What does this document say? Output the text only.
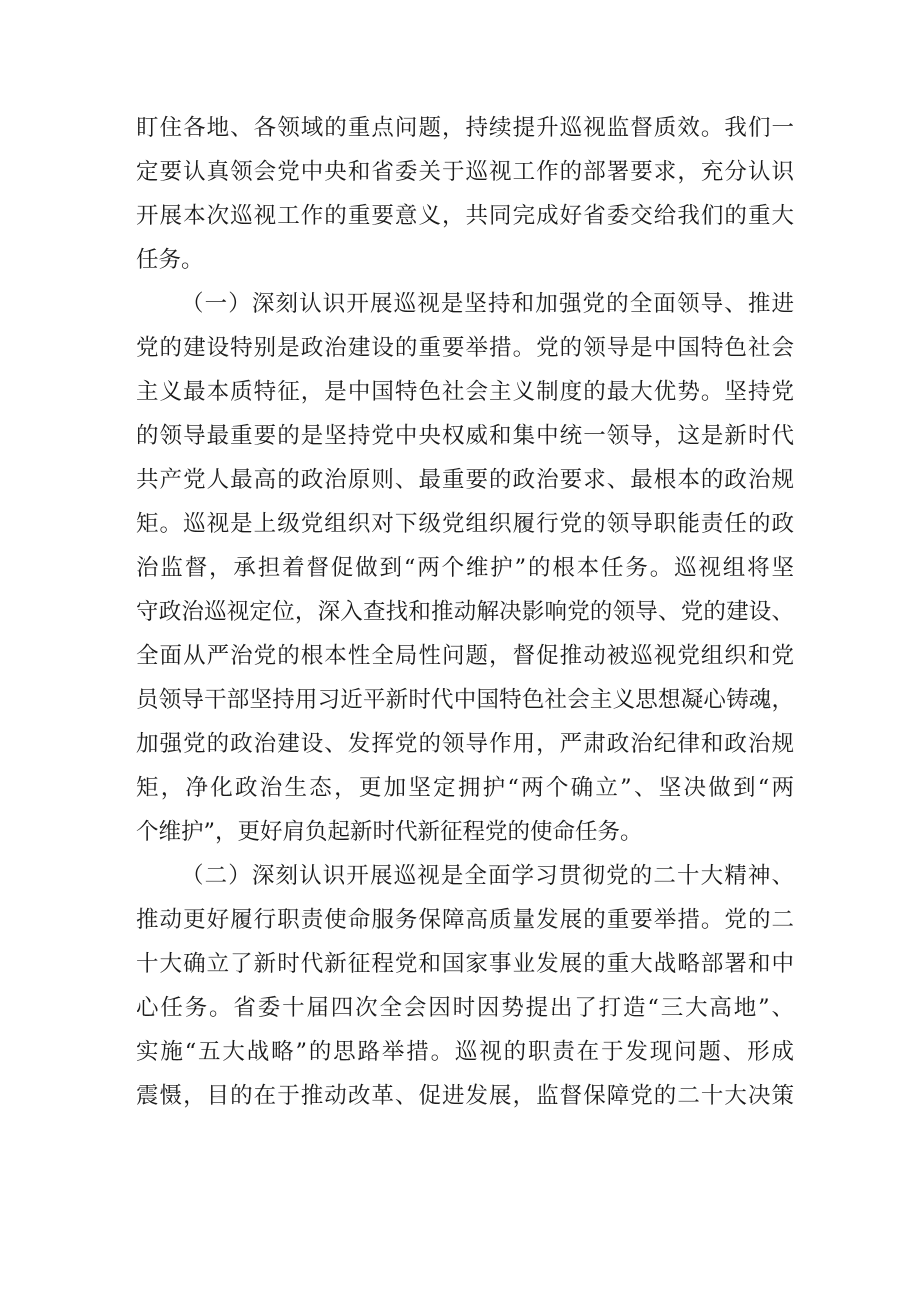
盯住各地、各领域的重点问题，持续提升巡视监督质效。我们一
定要认真领会党中央和省委关于巡视工作的部署要求，充分认识
开展本次巡视工作的重要意义，共同完成好省委交给我们的重大
任务。
（一）深刻认识开展巡视是坚持和加强党的全面领导、推进
党的建设特别是政治建设的重要举措。党的领导是中国特色社会
主义最本质特征，是中国特色社会主义制度的最大优势。坚持党
的领导最重要的是坚持党中央权威和集中统一领导，这是新时代
共产党人最高的政治原则、最重要的政治要求、最根本的政治规
矩。巡视是上级党组织对下级党组织履行党的领导职能责任的政
治监督，承担着督促做到“两个维护”的根本任务。巡视组将坚
守政治巡视定位，深入查找和推动解决影响党的领导、党的建设、
全面从严治党的根本性全局性问题，督促推动被巡视党组织和党
员领导干部坚持用习近平新时代中国特色社会主义思想凝心铸魂，
加强党的政治建设、发挥党的领导作用，严肃政治纪律和政治规
矩，净化政治生态，更加坚定拥护“两个确立”、坚决做到“两
个维护”，更好肩负起新时代新征程党的使命任务。
（二）深刻认识开展巡视是全面学习贯彻党的二十大精神、
推动更好履行职责使命服务保障高质量发展的重要举措。党的二
十大确立了新时代新征程党和国家事业发展的重大战略部署和中
心任务。省委十届四次全会因时因势提出了打造“三大高地”、
实施“五大战略”的思路举措。巡视的职责在于发现问题、形成
震慑，目的在于推动改革、促进发展，监督保障党的二十大决策
